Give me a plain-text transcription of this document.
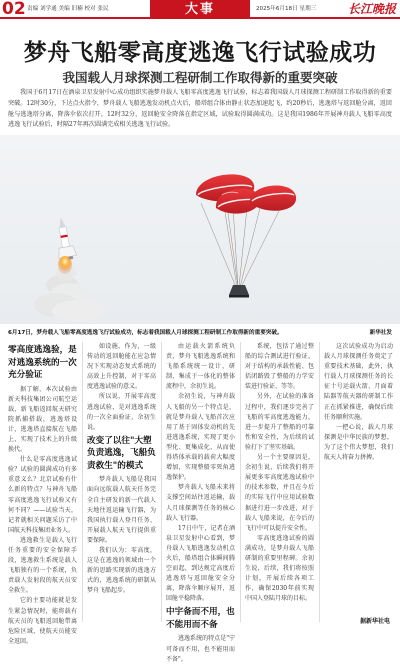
02 责编 刘学通 美编 旧楠 校对 张民	大事	2025年6月18日 星期三	长江晚报
梦舟飞船零高度逃逸飞行试验成功
我国载人月球探测工程研制工作取得新的重要突破

我国于6月17日在酒泉卫星发射中心成功组织实施梦舟载人飞船零高度逃逸飞行试验，标志着我国载人月球探测工程研制工作取得新的重要突破。12时30分，下达点火指令，梦舟载人飞船逃逸发动机点火后，船塔组合体由静止状态加速起飞，约20秒后，逃逸塔与返回舱分离，返回舱与逃逸塔分离，降落伞依次打开，12时32分，返回舱安全降落在指定区域，试验取得圆满成功。这是我国1986年开展神舟载人飞船零高度逃逸飞行试验后，时隔27年再次圆满完成相关逃逸飞行试验。

6月17日，梦舟载人飞船零高度逃逸飞行试验成功，标志着我国载人月球探测工程研制工作取得新的重要突破。	新华社发
零高度逃逸验，是对逃逸系统的一次充分验证

据了解，本次试验由新天科技集团公司航空运载，新飞船返回航天研究院抓捕搭载，逃逸塔设计，逃逸塔直接航在飞船上，实现了技术上的升级换代。

什么是零高度逃逸试验？试验的圆满成功有多重意义么？北京试验有什么新的特点？与神舟飞船零高度逃逸飞行试验又有何不同？——试验当天，记者就相关问题采访了中国航天科技集团业务人。

逃逸救生是载人飞行任务重要的安全保障手段，逃逸救生系统是载人飞船独有的一个系统，负责载人发射段的航天员安全救生。

它的主要功能就是发生紧急情况时，能将载有航天员的飞船返回舱带离危险区域，使航天员能安全返回。

如设施，作为，一级传动的返回舱能在应急情况下实现动态复式系统的高效上升控制，对于零高度逃逸试验的意义。

所以说，开展零高度逃逸试验，是对逃逸系统的一次全面验证，余初生说。

改变了以往"大塑负责逃逸，飞船负责救生"的模式

梦舟载人飞船是我国面向远航载人航天任务完全自主研发的新一代载人天地往返运输飞行器，为我国执行载人登月任务、开展载人航天飞行提供重要保障。

我们认为：零高度，这是在逃逸的领域由一个新的思路实现新的逃逸方式的，逃逸系统的研制从梦舟飞船起步。

由运载火箭系统负责，梦舟飞船逃逸系统和飞船系统统一设计、研制，集成于一体化的整体流程中，余初生说。

余初生说，与神舟载人飞船的另一个特点是，就是梦舟载人飞船首次应用了基于固体发动机的先进逃逸系统，实现了更小型化、更集成化，从而使得塔体承载的载荷大幅度增加，实现整船零死角逃逸保护。

梦舟载人飞船未来将支撑空间站往返运输，载人月球探测等任务的核心载人飞行器。

17日中午，记者在酒泉卫星发射中心看到，梦舟载人飞船逃逸发动机点火后，船塔组合体瞬间腾空而起，到达规定高度后逃逸塔与返回舱安全分离，降落伞顺序展开，返回舱平稳降落。

中宇备而不用，也不能用而不备

逃逸系统的特点是"宁可备而不用，也不能用而不备"。

系统，包括了通过整船的综合测试进行验证，对于结构的承载性能、包括闭路毁了整船的力学安装进行验证、等等。

另外，在试验的准备过程中，我们逐步完善了飞船的零高度逃逸能力，进一步提升了整船的可靠性和安全性，为后续的试验打下了坚实基础。

另一个主要原因是，余初生说，后续我们将开展更多零高度逃逸试验中的技术参数，并且在今后的实际飞行中应用试验数据进行进一步改进，对于载人飞船来说，在今后的飞行中可以提升安全性。

零高度逃逸试验的圆满成功，是梦舟载人飞船研制的重要里程碑。余初生说，后续，我们将按照计划，开展后续各项工作，确保2030年前实现中国人登陆月球的目标。

这次试验成功为启动载人月球探测任务奠定了重要技术基础，此外，执行载人月球探测任务的长征十号运载火箭、月面着陆器等航天器的研制工作正在抓紧推进，确保后续任务顺利实施。

一把心说，载人月球探测是中华民族的梦想，为了这个伟大梦想，我们航天人将奋力拼搏。

据新华社电
